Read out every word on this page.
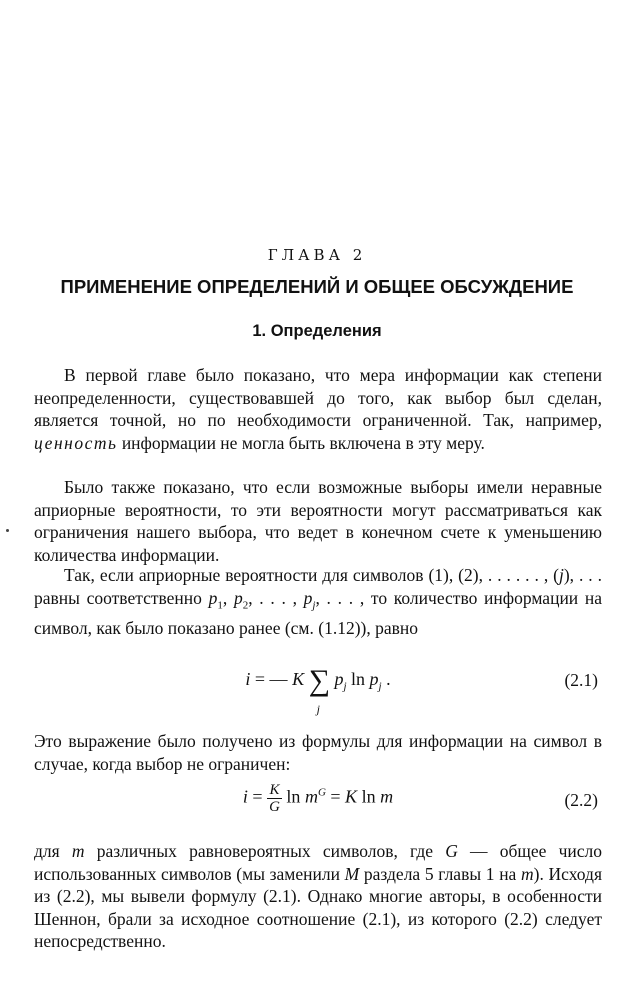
ГЛАВА 2
ПРИМЕНЕНИЕ ОПРЕДЕЛЕНИЙ И ОБЩЕЕ ОБСУЖДЕНИЕ
1. Определения
В первой главе было показано, что мера информации как степени неопределенности, существовавшей до того, как выбор был сделан, является точной, но по необходимости ограниченной. Так, например, ценность информации не могла быть включена в эту меру.
Было также показано, что если возможные выборы имели неравные априорные вероятности, то эти вероятности могут рассматриваться как ограничения нашего выбора, что ведет в конечном счете к уменьшению количества информации.
Так, если априорные вероятности для символов (1), (2), . . . . . . , (j), . . . равны соответственно $p_1$, $p_2$, . . . , $p_j$, . . . , то количество информации на символ, как было показано ранее (см. (1.12)), равно
i = — K ∑
j
$p_j$ $\ln p_j$ .	(2.1)
Это выражение было получено из формулы для информации на символ в случае, когда выбор не ограничен:
$i = \frac{K}{G}$ $\ln m^G = K$ ln m	(2.2)
для m различных равновероятных символов, где G — общее число использованных символов (мы заменили M раздела 5 главы 1 на m). Исходя из (2.2), мы вывели формулу (2.1). Однако многие авторы, в особенности Шеннон, брали за исходное соотношение (2.1), из которого (2.2) следует непосредственно.
